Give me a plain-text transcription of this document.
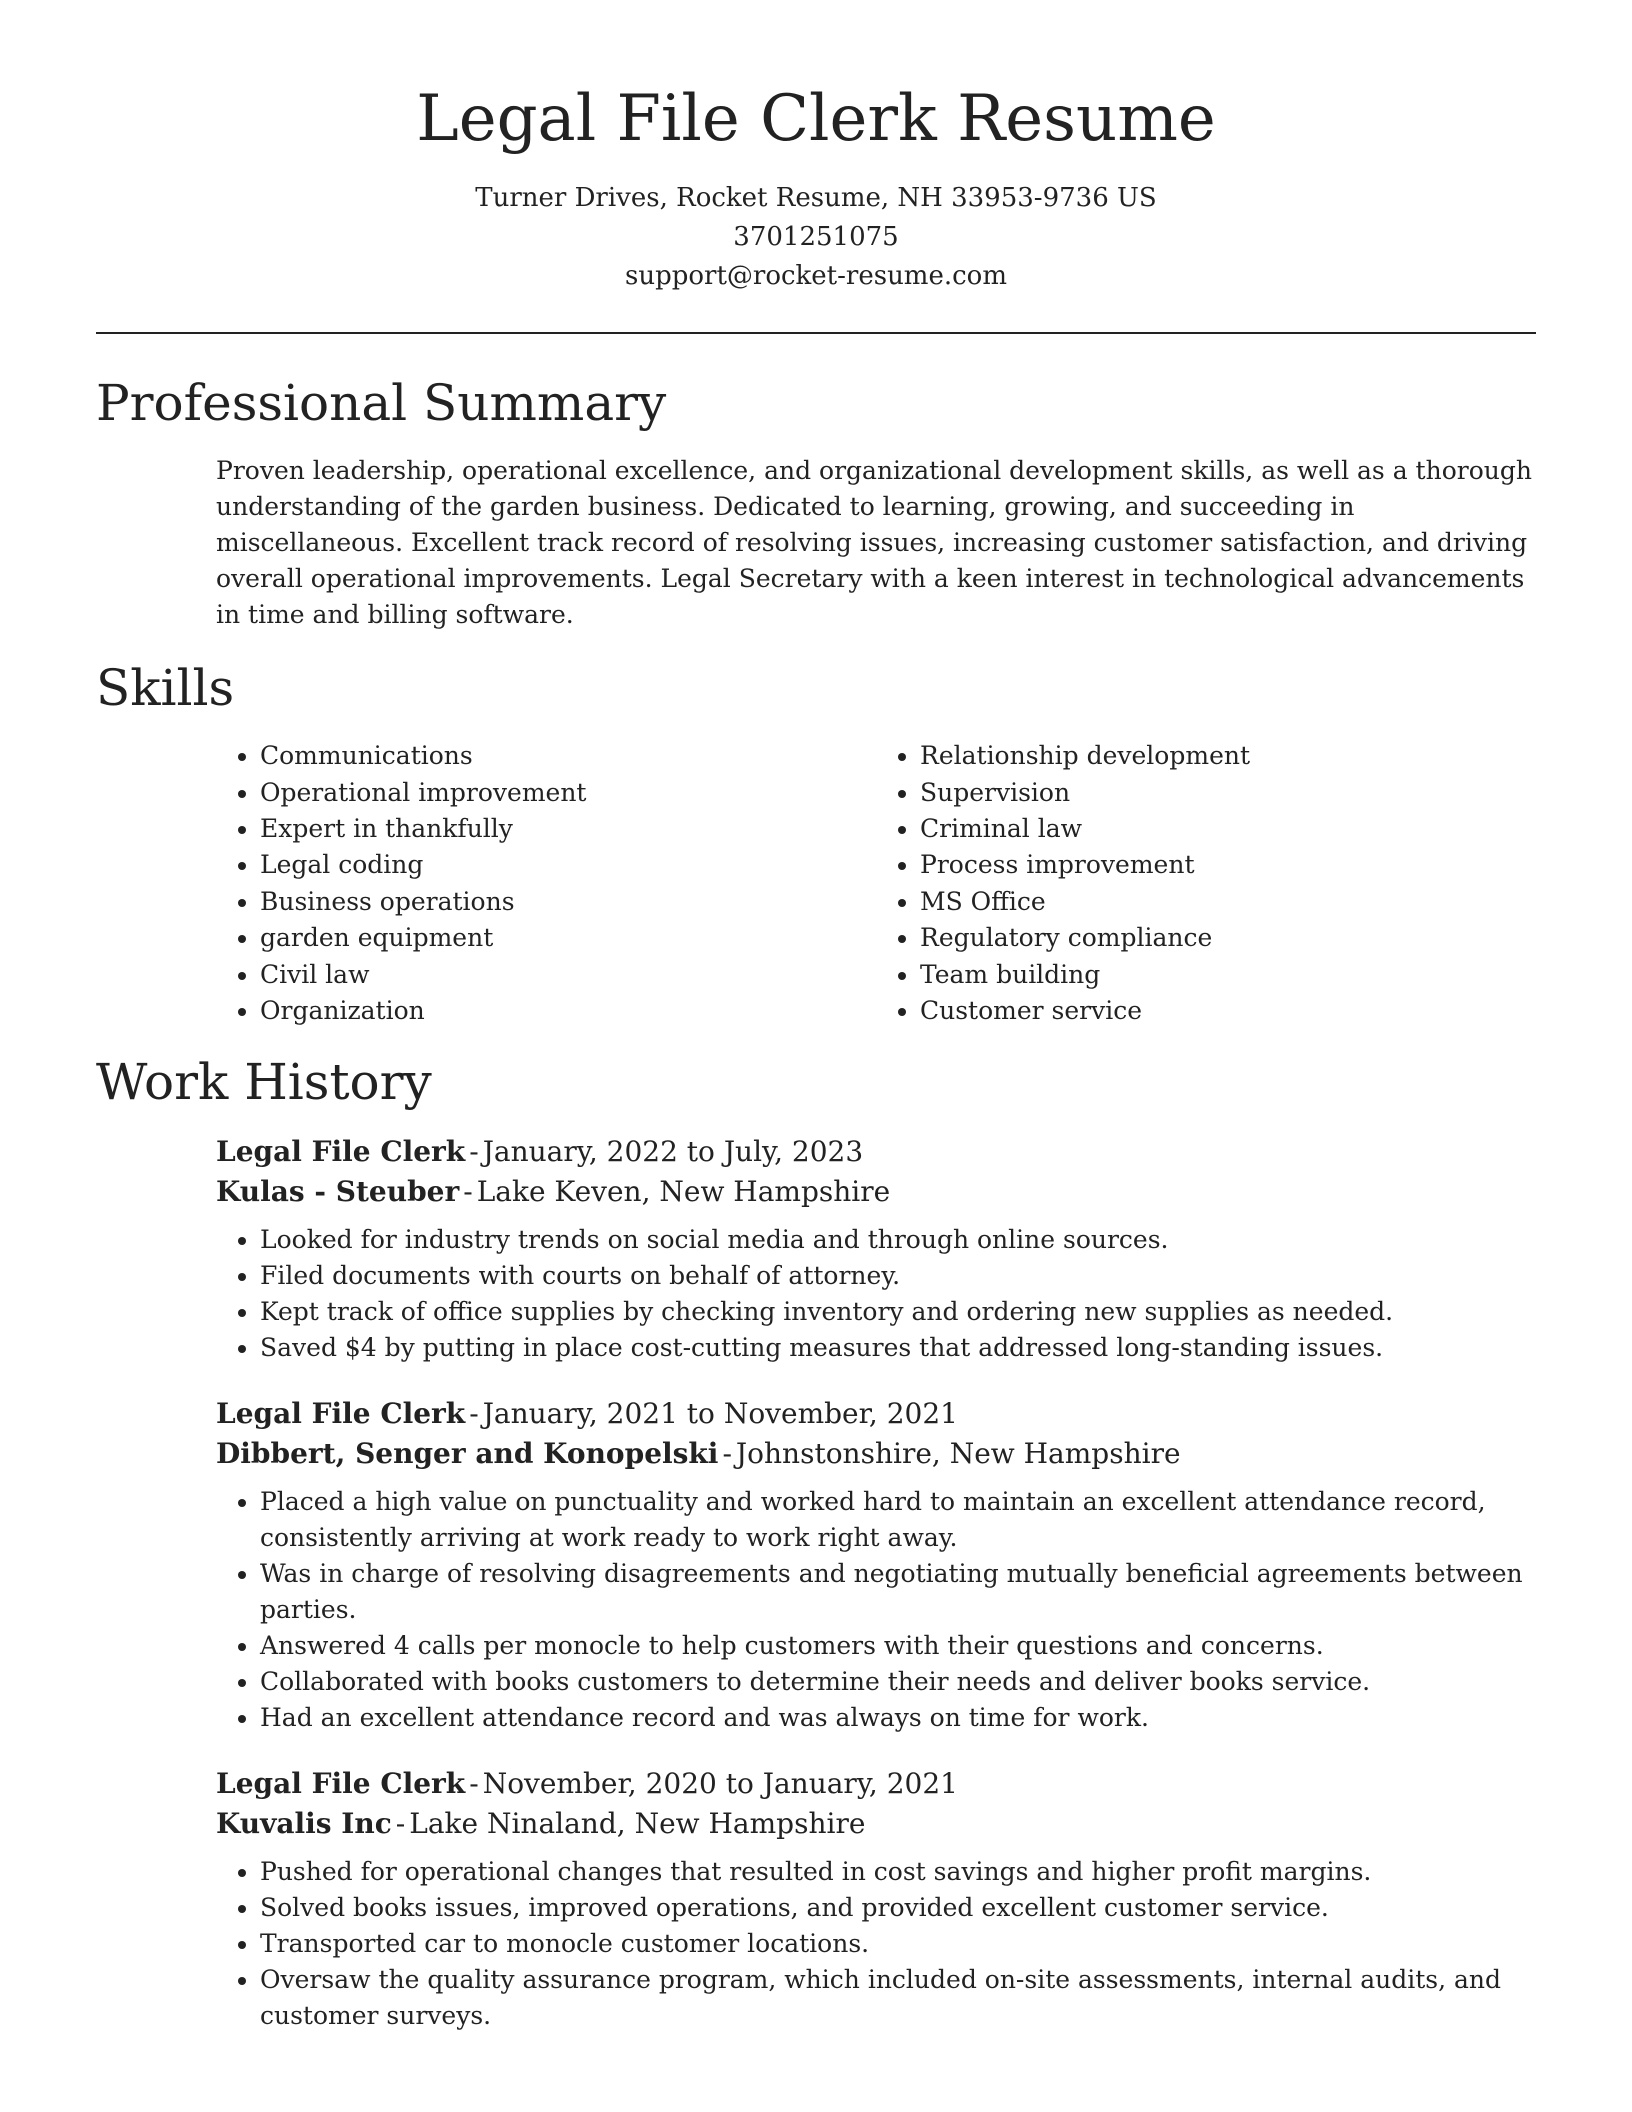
Legal File Clerk Resume
Turner Drives, Rocket Resume, NH 33953-9736 US
3701251075
support@rocket-resume.com
Professional Summary

Proven leadership, operational excellence, and organizational development skills, as well as a thorough understanding of the garden business. Dedicated to learning, growing, and succeeding in miscellaneous. Excellent track record of resolving issues, increasing customer satisfaction, and driving overall operational improvements. Legal Secretary with a keen interest in technological advancements in time and billing software.

Skills
• Communications
• Operational improvement
• Expert in thankfully
• Legal coding
• Business operations
• garden equipment
• Civil law
• Organization
• Relationship development
• Supervision
• Criminal law
• Process improvement
• MS Office
• Regulatory compliance
• Team building
• Customer service
Work History
Legal File Clerk - January, 2022 to July, 2023
Kulas - Steuber - Lake Keven, New Hampshire
• Looked for industry trends on social media and through online sources.
• Filed documents with courts on behalf of attorney.
• Kept track of office supplies by checking inventory and ordering new supplies as needed.
• Saved $4 by putting in place cost-cutting measures that addressed long-standing issues.
Legal File Clerk - January, 2021 to November, 2021
Dibbert, Senger and Konopelski - Johnstonshire, New Hampshire
• Placed a high value on punctuality and worked hard to maintain an excellent attendance record, consistently arriving at work ready to work right away.
• Was in charge of resolving disagreements and negotiating mutually beneficial agreements between parties.
• Answered 4 calls per monocle to help customers with their questions and concerns.
• Collaborated with books customers to determine their needs and deliver books service.
• Had an excellent attendance record and was always on time for work.
Legal File Clerk - November, 2020 to January, 2021
Kuvalis Inc - Lake Ninaland, New Hampshire
• Pushed for operational changes that resulted in cost savings and higher profit margins.
• Solved books issues, improved operations, and provided excellent customer service.
• Transported car to monocle customer locations.
• Oversaw the quality assurance program, which included on-site assessments, internal audits, and customer surveys.
